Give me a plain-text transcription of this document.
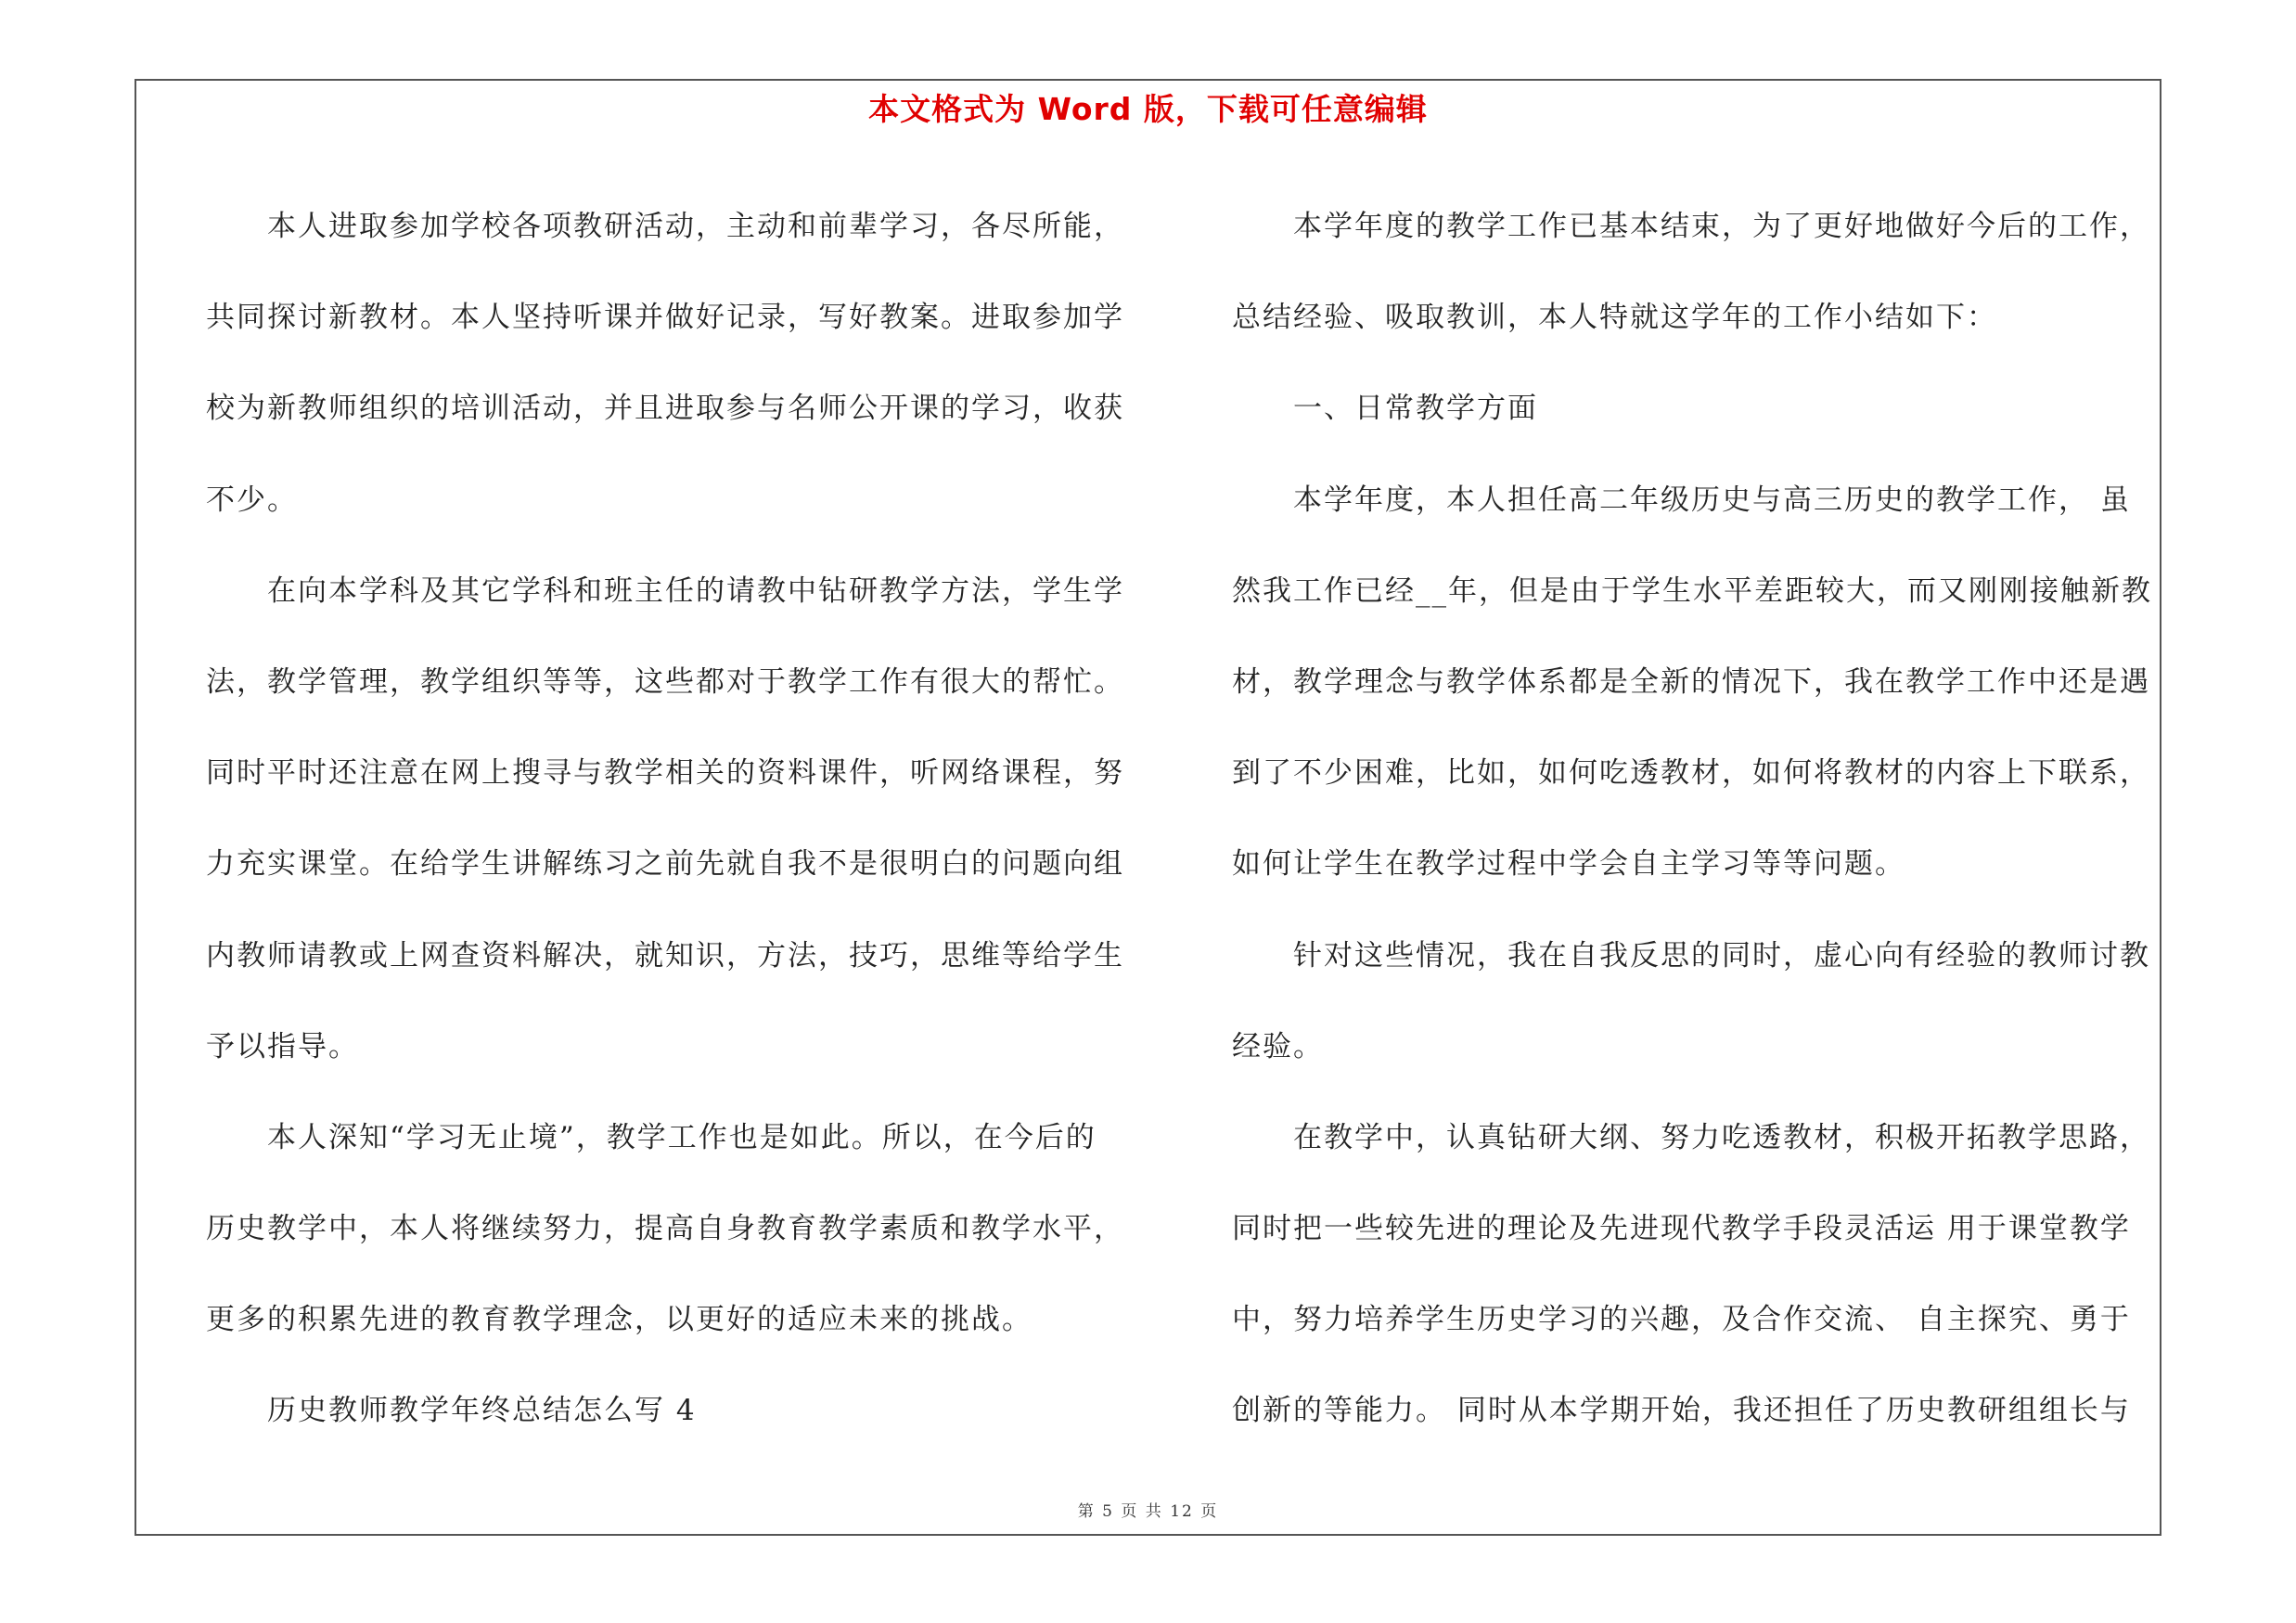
本文格式为 Word 版，下载可任意编辑
本人进取参加学校各项教研活动，主动和前辈学习，各尽所能，
共同探讨新教材。本人坚持听课并做好记录，写好教案。进取参加学
校为新教师组织的培训活动，并且进取参与名师公开课的学习，收获
不少。
在向本学科及其它学科和班主任的请教中钻研教学方法，学生学
法，教学管理，教学组织等等，这些都对于教学工作有很大的帮忙。
同时平时还注意在网上搜寻与教学相关的资料课件，听网络课程，努
力充实课堂。在给学生讲解练习之前先就自我不是很明白的问题向组
内教师请教或上网查资料解决，就知识，方法，技巧，思维等给学生
予以指导。
本人深知“学习无止境”，教学工作也是如此。所以，在今后的
历史教学中，本人将继续努力，提高自身教育教学素质和教学水平，
更多的积累先进的教育教学理念，以更好的适应未来的挑战。
历史教师教学年终总结怎么写 4
本学年度的教学工作已基本结束，为了更好地做好今后的工作，
总结经验、吸取教训，本人特就这学年的工作小结如下：
一、日常教学方面
本学年度，本人担任高二年级历史与高三历史的教学工作， 虽
然我工作已经__年，但是由于学生水平差距较大，而又刚刚接触新教
材，教学理念与教学体系都是全新的情况下，我在教学工作中还是遇
到了不少困难，比如，如何吃透教材，如何将教材的内容上下联系，
如何让学生在教学过程中学会自主学习等等问题。
针对这些情况，我在自我反思的同时，虚心向有经验的教师讨教
经验。
在教学中，认真钻研大纲、努力吃透教材，积极开拓教学思路，
同时把一些较先进的理论及先进现代教学手段灵活运 用于课堂教学
中，努力培养学生历史学习的兴趣，及合作交流、 自主探究、勇于
创新的等能力。 同时从本学期开始，我还担任了历史教研组组长与
第 5 页 共 12 页
